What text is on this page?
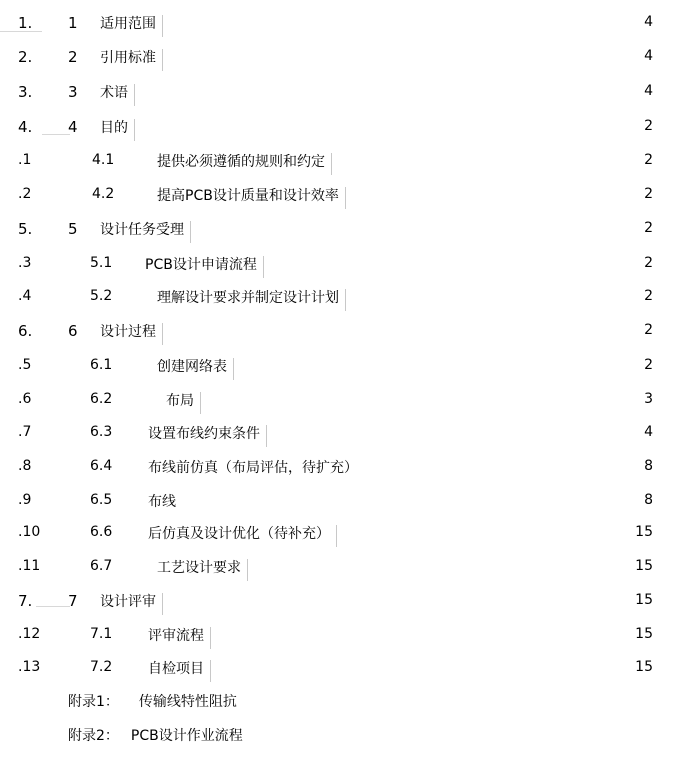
1. 1 适用范围	4
2. 2 引用标准	4
3. 3 术语	4
4. 4 目的	2
.1	4.1	提供必须遵循的规则和约定	2
.2	4.2	提高PCB设计质量和设计效率	2
5. 5 设计任务受理	2
.3	5.1 PCB设计申请流程	2
.4	5.2	理解设计要求并制定设计计划	2
6. 6 设计过程	2
.5	6.1	创建网络表	2
.6	6.2	布局	3
.7	6.3	设置布线约束条件	4
.8	6.4	布线前仿真（布局评估，待扩充）	8
.9	6.5	布线	8
.10	6.6	后仿真及设计优化（待补充）	15
.11	6.7	工艺设计要求	15
7. 7 设计评审	15
.12	7.1	评审流程	15
.13	7.2	自检项目	15
附录1： 传输线特性阻抗
附录2： PCB设计作业流程
